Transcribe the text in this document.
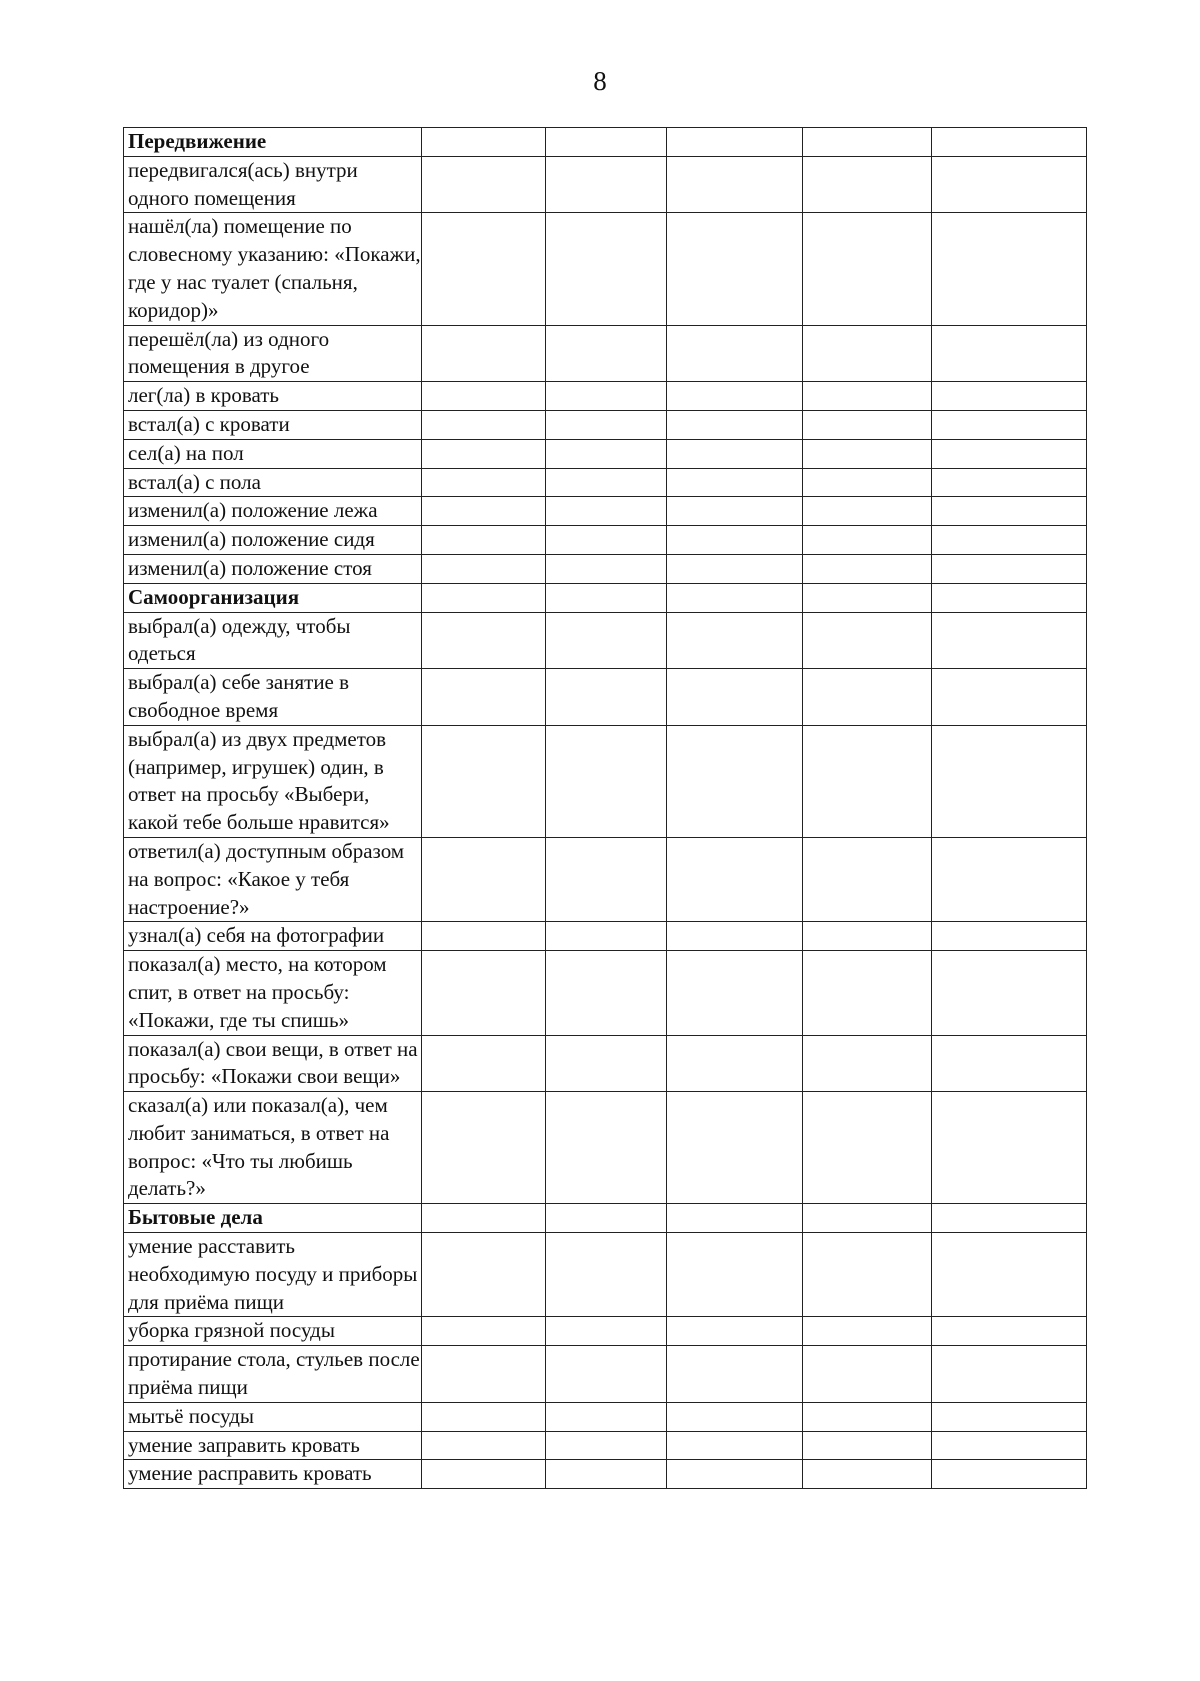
8
Передвижение					
передвигался(ась) внутри одного помещения					
нашёл(ла) помещение по словесному указанию: «Покажи, где у нас туалет (спальня, коридор)»					
перешёл(ла) из одного помещения в другое					
лег(ла) в кровать					
встал(а) с кровати					
сел(а) на пол					
встал(а) с пола					
изменил(а) положение лежа					
изменил(а) положение сидя					
изменил(а) положение стоя					
Самоорганизация					
выбрал(а) одежду, чтобы одеться					
выбрал(а) себе занятие в свободное время					
выбрал(а) из двух предметов (например, игрушек) один, в ответ на просьбу «Выбери, какой тебе больше нравится»					
ответил(а) доступным образом на вопрос: «Какое у тебя настроение?»					
узнал(а) себя на фотографии					
показал(а) место, на котором спит, в ответ на просьбу: «Покажи, где ты спишь»					
показал(а) свои вещи, в ответ на просьбу: «Покажи свои вещи»					
сказал(а) или показал(а), чем любит заниматься, в ответ на вопрос: «Что ты любишь делать?»					
Бытовые дела					
умение расставить необходимую посуду и приборы для приёма пищи					
уборка грязной посуды					
протирание стола, стульев после приёма пищи					
мытьё посуды					
умение заправить кровать					
умение расправить кровать					
